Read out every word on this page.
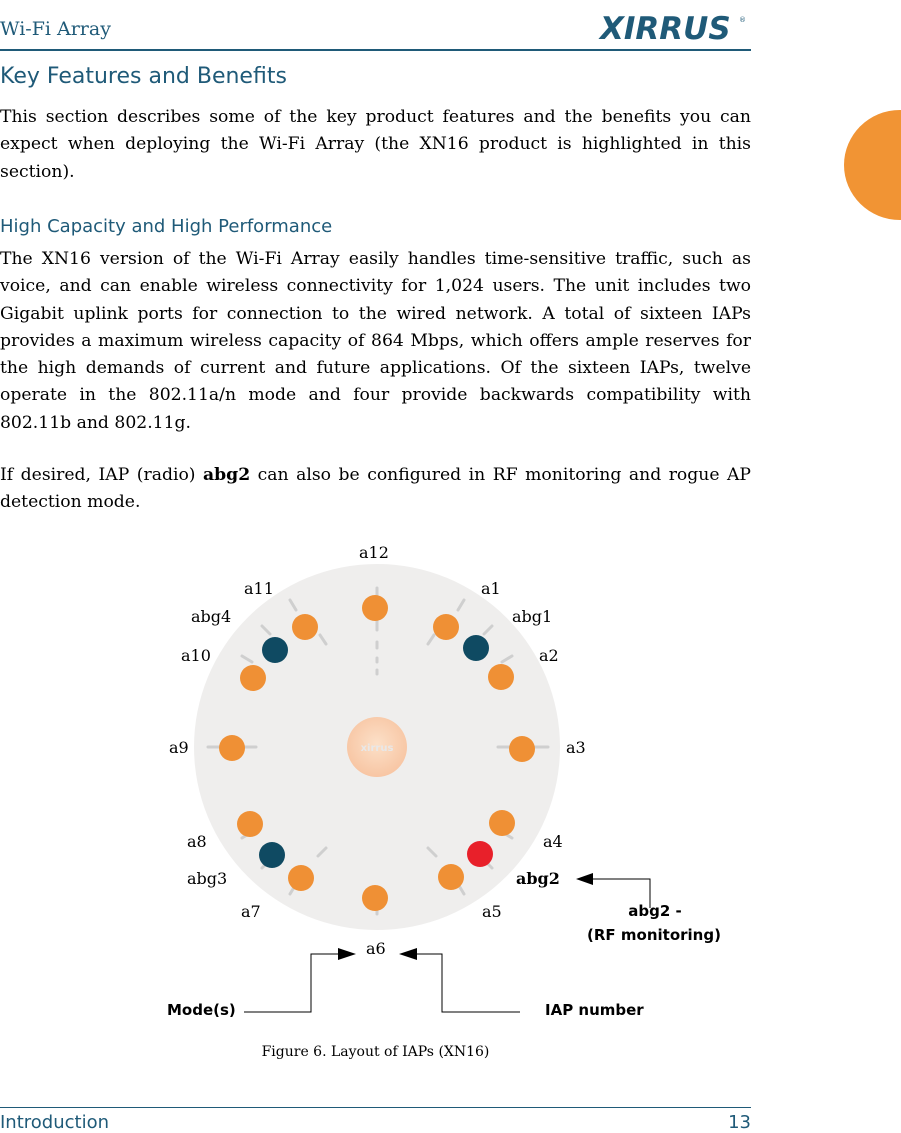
Wi-Fi Array	XIRRUS ®
Key Features and Benefits

This section describes some of the key product features and the benefits you can expect when deploying the Wi-Fi Array (the XN16 product is highlighted in this section).

High Capacity and High Performance

The XN16 version of the Wi-Fi Array easily handles time-sensitive traffic, such as voice, and can enable wireless connectivity for 1,024 users. The unit includes two Gigabit uplink ports for connection to the wired network. A total of sixteen IAPs provides a maximum wireless capacity of 864 Mbps, which offers ample reserves for the high demands of current and future applications. Of the sixteen IAPs, twelve operate in the 802.11a/n mode and four provide backwards compatibility with 802.11b and 802.11g.

If desired, IAP (radio) abg2 can also be configured in RF monitoring and rogue AP detection mode.

xirrus
a12
a11
abg4
a10
a9
a8
abg3
a7
a6
a1
abg1
a2
a3
a4
abg2
a5	abg2 -
(RF monitoring)
Mode(s)	IAP number
Figure 6. Layout of IAPs (XN16)
Introduction	13
